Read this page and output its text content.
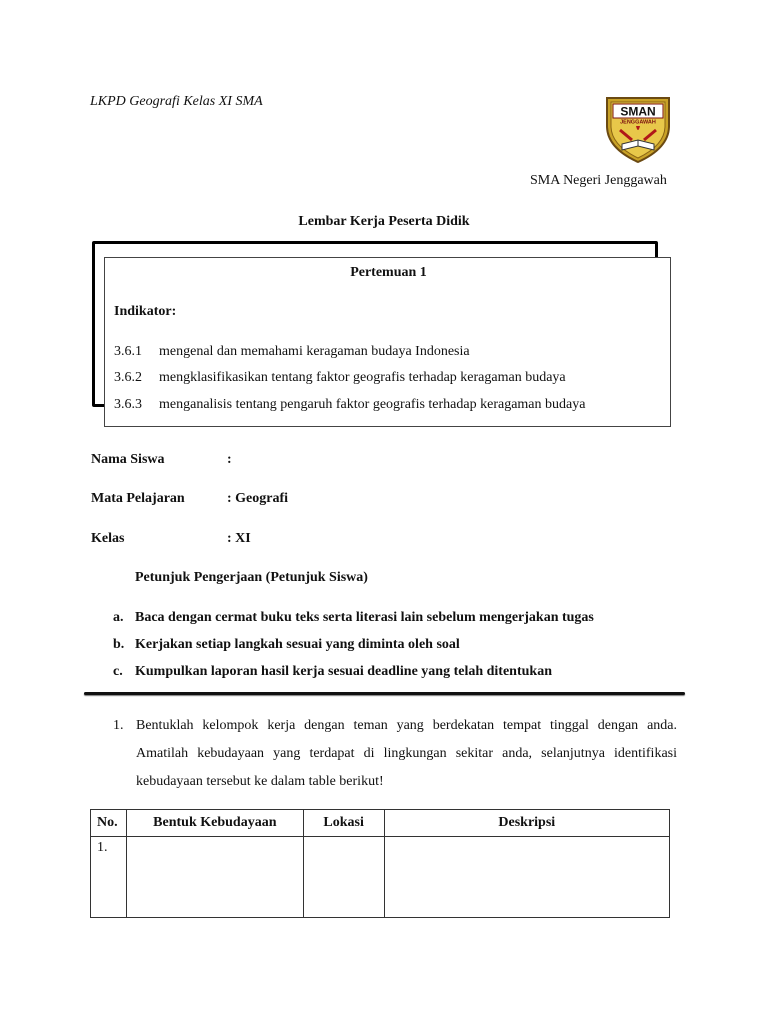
LKPD Geografi Kelas XI SMA
SMAN
JENGGAWAH
SMA Negeri Jenggawah
Lembar Kerja Peserta Didik
Pertemuan 1
Indikator:
3.6.1 mengenal dan memahami keragaman budaya Indonesia
3.6.2 mengklasifikasikan tentang faktor geografis terhadap keragaman budaya
3.6.3 menganalisis tentang pengaruh faktor geografis terhadap keragaman budaya
Nama Siswa	:
Mata Pelajaran	: Geografi
Kelas	: XI
Petunjuk Pengerjaan (Petunjuk Siswa)
a. Baca dengan cermat buku teks serta literasi lain sebelum mengerjakan tugas
b. Kerjakan setiap langkah sesuai yang diminta oleh soal
c. Kumpulkan laporan hasil kerja sesuai deadline yang telah ditentukan
1. Bentuklah kelompok kerja dengan teman yang berdekatan tempat tinggal dengan anda. Amatilah kebudayaan yang terdapat di lingkungan sekitar anda, selanjutnya identifikasi kebudayaan tersebut ke dalam table berikut!
No.	Bentuk Kebudayaan	Lokasi	Deskripsi
1.			
